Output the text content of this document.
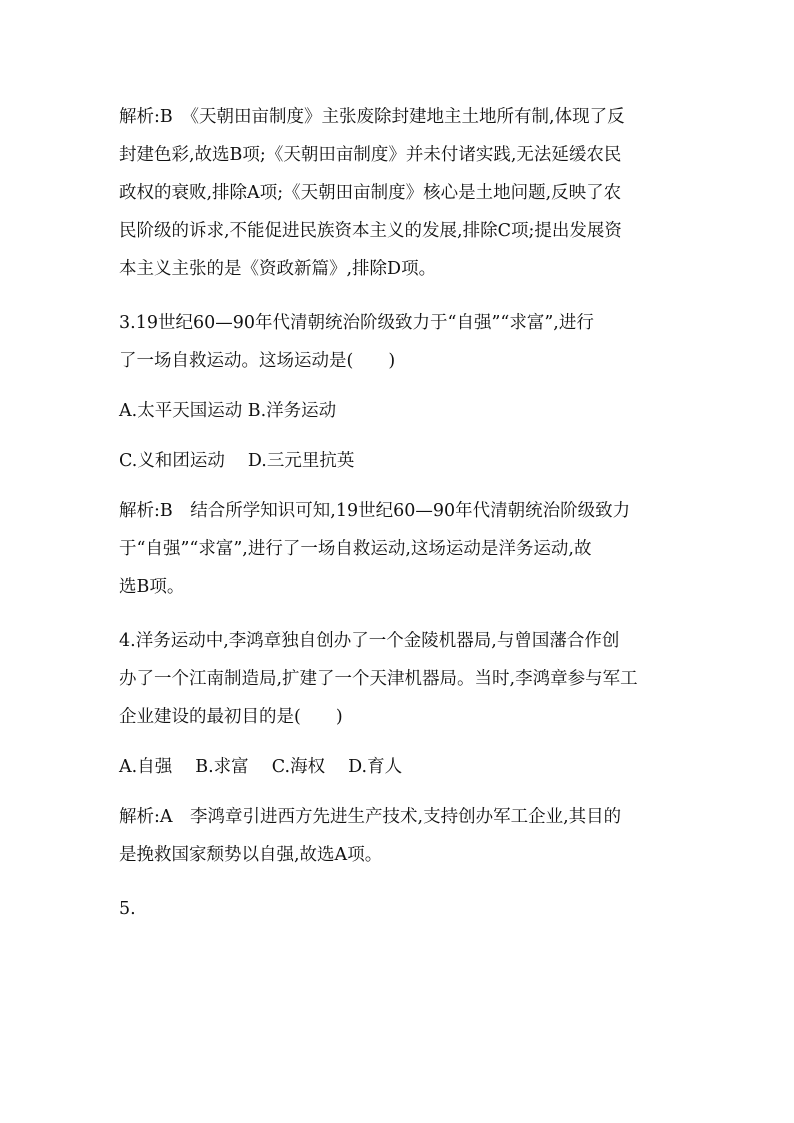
解析:B　《天朝田亩制度》主张废除封建地主土地所有制,体现了反

封建色彩,故选B项;《天朝田亩制度》并未付诸实践,无法延缓农民

政权的衰败,排除A项;《天朝田亩制度》核心是土地问题,反映了农

民阶级的诉求,不能促进民族资本主义的发展,排除C项;提出发展资

本主义主张的是《资政新篇》,排除D项。

3.19世纪60—90年代清朝统治阶级致力于“自强”“求富”,进行

了一场自救运动。这场运动是(　　)

A.太平天国运动 B.洋务运动

C.义和团运动　 D.三元里抗英

解析:B　结合所学知识可知,19世纪60—90年代清朝统治阶级致力

于“自强”“求富”,进行了一场自救运动,这场运动是洋务运动,故

选B项。

4.洋务运动中,李鸿章独自创办了一个金陵机器局,与曾国藩合作创

办了一个江南制造局,扩建了一个天津机器局。当时,李鸿章参与军工

企业建设的最初目的是(　　)

A.自强　 B.求富　 C.海权　 D.育人

解析:A　李鸿章引进西方先进生产技术,支持创办军工企业,其目的

是挽救国家颓势以自强,故选A项。

5.
